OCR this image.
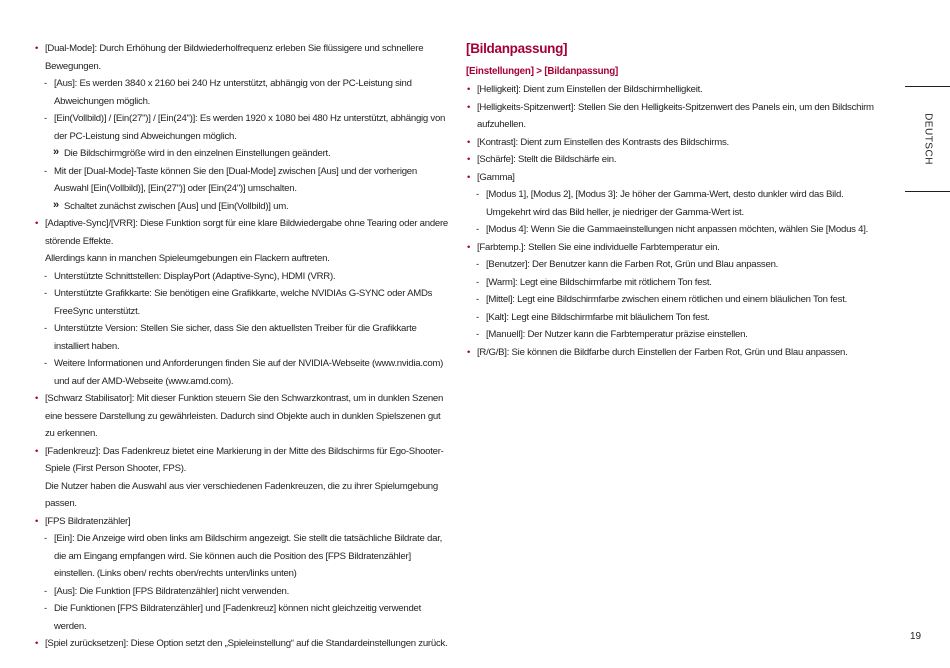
• [Dual-Mode]: Durch Erhöhung der Bildwiederholfrequenz erleben Sie flüssigere und schnellere Bewegungen.
- [Aus]: Es werden 3840 x 2160 bei 240 Hz unterstützt, abhängig von der PC-Leistung sind Abweichungen möglich.
- [Ein(Vollbild)] / [Ein(27")] / [Ein(24")]: Es werden 1920 x 1080 bei 480 Hz unterstützt, abhängig von der PC-Leistung sind Abweichungen möglich.
» Die Bildschirmgröße wird in den einzelnen Einstellungen geändert.
- Mit der [Dual-Mode]-Taste können Sie den [Dual-Mode] zwischen [Aus] und der vorherigen Auswahl [Ein(Vollbild)], [Ein(27")] oder [Ein(24")] umschalten.
» Schaltet zunächst zwischen [Aus] und [Ein(Vollbild)] um.
• [Adaptive-Sync]/[VRR]: Diese Funktion sorgt für eine klare Bildwiedergabe ohne Tearing oder andere störende Effekte.
Allerdings kann in manchen Spieleumgebungen ein Flackern auftreten.
- Unterstützte Schnittstellen: DisplayPort (Adaptive-Sync), HDMI (VRR).
- Unterstützte Grafikkarte: Sie benötigen eine Grafikkarte, welche NVIDIAs G-SYNC oder AMDs FreeSync unterstützt.
- Unterstützte Version: Stellen Sie sicher, dass Sie den aktuellsten Treiber für die Grafikkarte installiert haben.
- Weitere Informationen und Anforderungen finden Sie auf der NVIDIA-Webseite (www.nvidia.com) und auf der AMD-Webseite (www.amd.com).
• [Schwarz Stabilisator]: Mit dieser Funktion steuern Sie den Schwarzkontrast, um in dunklen Szenen eine bessere Darstellung zu gewährleisten. Dadurch sind Objekte auch in dunklen Spielszenen gut zu erkennen.
• [Fadenkreuz]: Das Fadenkreuz bietet eine Markierung in der Mitte des Bildschirms für Ego-Shooter-Spiele (First Person Shooter, FPS).
Die Nutzer haben die Auswahl aus vier verschiedenen Fadenkreuzen, die zu ihrer Spielumgebung passen.
• [FPS Bildratenzähler]
- [Ein]: Die Anzeige wird oben links am Bildschirm angezeigt. Sie stellt die tatsächliche Bildrate dar, die am Eingang empfangen wird. Sie können auch die Position des [FPS Bildratenzähler] einstellen. (Links oben/ rechts oben/rechts unten/links unten)
- [Aus]: Die Funktion [FPS Bildratenzähler] nicht verwenden.
- Die Funktionen [FPS Bildratenzähler] und [Fadenkreuz] können nicht gleichzeitig verwendet werden.
• [Spiel zurücksetzen]: Diese Option setzt den „Spieleinstellung“ auf die Standardeinstellungen zurück.
[Bildanpassung]
[Einstellungen] > [Bildanpassung]
• [Helligkeit]: Dient zum Einstellen der Bildschirmhelligkeit.
• [Helligkeits-Spitzenwert]: Stellen Sie den Helligkeits-Spitzenwert des Panels ein, um den Bildschirm aufzuhellen.
• [Kontrast]: Dient zum Einstellen des Kontrasts des Bildschirms.
• [Schärfe]: Stellt die Bildschärfe ein.
• [Gamma]
- [Modus 1], [Modus 2], [Modus 3]: Je höher der Gamma-Wert, desto dunkler wird das Bild. Umgekehrt wird das Bild heller, je niedriger der Gamma-Wert ist.
- [Modus 4]: Wenn Sie die Gammaeinstellungen nicht anpassen möchten, wählen Sie [Modus 4].
• [Farbtemp.]: Stellen Sie eine individuelle Farbtemperatur ein.
- [Benutzer]: Der Benutzer kann die Farben Rot, Grün und Blau anpassen.
- [Warm]: Legt eine Bildschirmfarbe mit rötlichem Ton fest.
- [Mittel]: Legt eine Bildschirmfarbe zwischen einem rötlichen und einem bläulichen Ton fest.
- [Kalt]: Legt eine Bildschirmfarbe mit bläulichem Ton fest.
- [Manuell]: Der Nutzer kann die Farbtemperatur präzise einstellen.
• [R/G/B]: Sie können die Bildfarbe durch Einstellen der Farben Rot, Grün und Blau anpassen.
DEUTSCH
19
